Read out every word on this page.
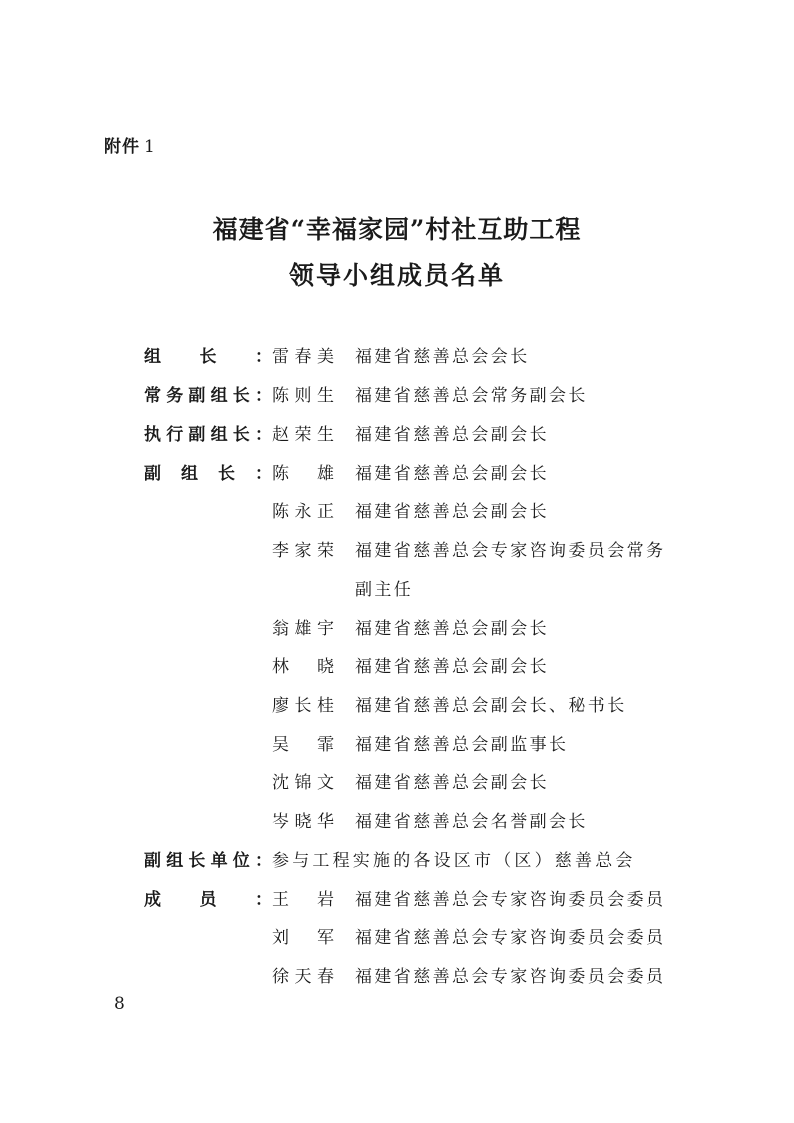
附件 1
福建省“幸福家园”村社互助工程
领导小组成员名单
组 长 ： 雷 春 美 福建省慈善总会会长
常 务 副 组 长 ： 陈 则 生 福建省慈善总会常务副会长
执 行 副 组 长 ： 赵 荣 生 福建省慈善总会副会长
副 组 长 ： 陈 雄 福建省慈善总会副会长
陈 永 正 福建省慈善总会副会长
李 家 荣 福建省慈善总会专家咨询委员会常务
副主任
翁 雄 宇 福建省慈善总会副会长
林 晓 福建省慈善总会副会长
廖 长 桂 福建省慈善总会副会长、秘书长
吴 霏 福建省慈善总会副监事长
沈 锦 文 福建省慈善总会副会长
岑 晓 华 福建省慈善总会名誉副会长
副 组 长 单 位 ： 参与工程实施的各设区市（区）慈善总会
成 员 ： 王 岩 福建省慈善总会专家咨询委员会委员
刘 军 福建省慈善总会专家咨询委员会委员
徐 天 春 福建省慈善总会专家咨询委员会委员
8
